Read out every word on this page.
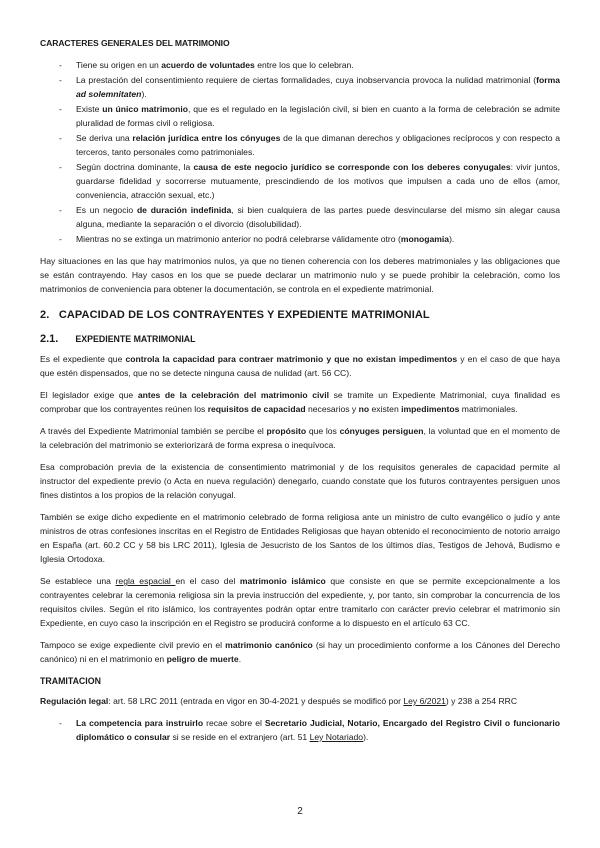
CARACTERES GENERALES DEL MATRIMONIO
- Tiene su origen en un acuerdo de voluntades entre los que lo celebran.
- La prestación del consentimiento requiere de ciertas formalidades, cuya inobservancia provoca la nulidad matrimonial (forma ad solemnitaten).
- Existe un único matrimonio, que es el regulado en la legislación civil, si bien en cuanto a la forma de celebración se admite pluralidad de formas civil o religiosa.
- Se deriva una relación jurídica entre los cónyuges de la que dimanan derechos y obligaciones recíprocos y con respecto a terceros, tanto personales como patrimoniales.
- Según doctrina dominante, la causa de este negocio jurídico se corresponde con los deberes conyugales: vivir juntos, guardarse fidelidad y socorrerse mutuamente, prescindiendo de los motivos que impulsen a cada uno de ellos (amor, conveniencia, atracción sexual, etc.)
- Es un negocio de duración indefinida, si bien cualquiera de las partes puede desvincularse del mismo sin alegar causa alguna, mediante la separación o el divorcio (disolubilidad).
- Mientras no se extinga un matrimonio anterior no podrá celebrarse válidamente otro (monogamia).

Hay situaciones en las que hay matrimonios nulos, ya que no tienen coherencia con los deberes matrimoniales y las obligaciones que se están contrayendo. Hay casos en los que se puede declarar un matrimonio nulo y se puede prohibir la celebración, como los matrimonios de conveniencia para obtener la documentación, se controla en el expediente matrimonial.

2. CAPACIDAD DE LOS CONTRAYENTES Y EXPEDIENTE MATRIMONIAL
2.1. EXPEDIENTE MATRIMONIAL

Es el expediente que controla la capacidad para contraer matrimonio y que no existan impedimentos y en el caso de que haya que estén dispensados, que no se detecte ninguna causa de nulidad (art. 56 CC).

El legislador exige que antes de la celebración del matrimonio civil se tramite un Expediente Matrimonial, cuya finalidad es comprobar que los contrayentes reúnen los requisitos de capacidad necesarios y no existen impedimentos matrimoniales.

A través del Expediente Matrimonial también se percibe el propósito que los cónyuges persiguen, la voluntad que en el momento de la celebración del matrimonio se exteriorizará de forma expresa o inequívoca.

Esa comprobación previa de la existencia de consentimiento matrimonial y de los requisitos generales de capacidad permite al instructor del expediente previo (o Acta en nueva regulación) denegarlo, cuando constate que los futuros contrayentes persiguen unos fines distintos a los propios de la relación conyugal.

También se exige dicho expediente en el matrimonio celebrado de forma religiosa ante un ministro de culto evangélico o judío y ante ministros de otras confesiones inscritas en el Registro de Entidades Religiosas que hayan obtenido el reconocimiento de notorio arraigo en España (art. 60.2 CC y 58 bis LRC 2011), Iglesia de Jesucristo de los Santos de los últimos días, Testigos de Jehová, Budismo e Iglesia Ortodoxa.

Se establece una regla espacial en el caso del matrimonio islámico que consiste en que se permite excepcionalmente a los contrayentes celebrar la ceremonia religiosa sin la previa instrucción del expediente, y, por tanto, sin comprobar la concurrencia de los requisitos civiles. Según el rito islámico, los contrayentes podrán optar entre tramitarlo con carácter previo celebrar el matrimonio sin Expediente, en cuyo caso la inscripción en el Registro se producirá conforme a lo dispuesto en el artículo 63 CC.

Tampoco se exige expediente civil previo en el matrimonio canónico (si hay un procedimiento conforme a los Cánones del Derecho canónico) ni en el matrimonio en peligro de muerte.

TRAMITACION

Regulación legal: art. 58 LRC 2011 (entrada en vigor en 30-4-2021 y después se modificó por Ley 6/2021) y 238 a 254 RRC

- La competencia para instruirlo recae sobre el Secretario Judicial, Notario, Encargado del Registro Civil o funcionario diplomático o consular si se reside en el extranjero (art. 51 Ley Notariado).
2
